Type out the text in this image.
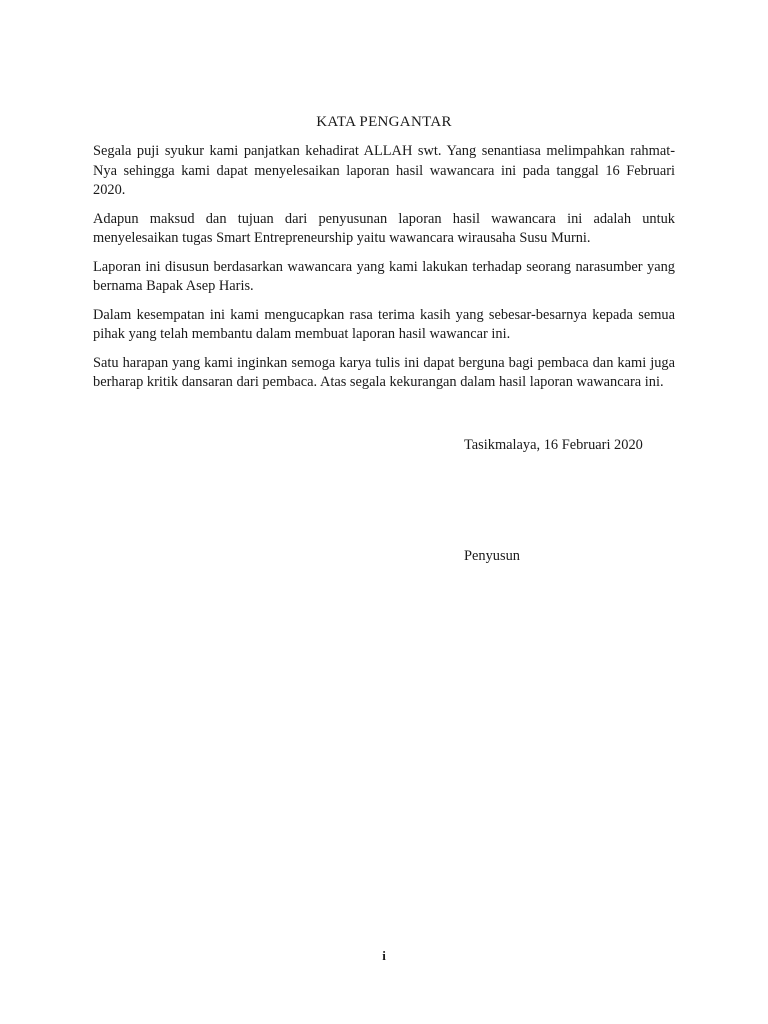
KATA PENGANTAR

Segala puji syukur kami panjatkan kehadirat ALLAH swt. Yang senantiasa melimpahkan rahmat-Nya sehingga kami dapat menyelesaikan laporan hasil wawancara ini pada tanggal 16 Februari 2020.

Adapun maksud dan tujuan dari penyusunan laporan hasil wawancara ini adalah untuk menyelesaikan tugas Smart Entrepreneurship yaitu wawancara wirausaha Susu Murni.

Laporan ini disusun berdasarkan wawancara yang kami lakukan terhadap seorang narasumber yang bernama Bapak Asep Haris.

Dalam kesempatan ini kami mengucapkan rasa terima kasih yang sebesar-besarnya kepada semua pihak yang telah membantu dalam membuat laporan hasil wawancar ini.

Satu harapan yang kami inginkan semoga karya tulis ini dapat berguna bagi pembaca dan kami juga berharap kritik dansaran dari pembaca. Atas segala kekurangan dalam hasil laporan wawancara ini.

Tasikmalaya, 16 Februari 2020
Penyusun
i
